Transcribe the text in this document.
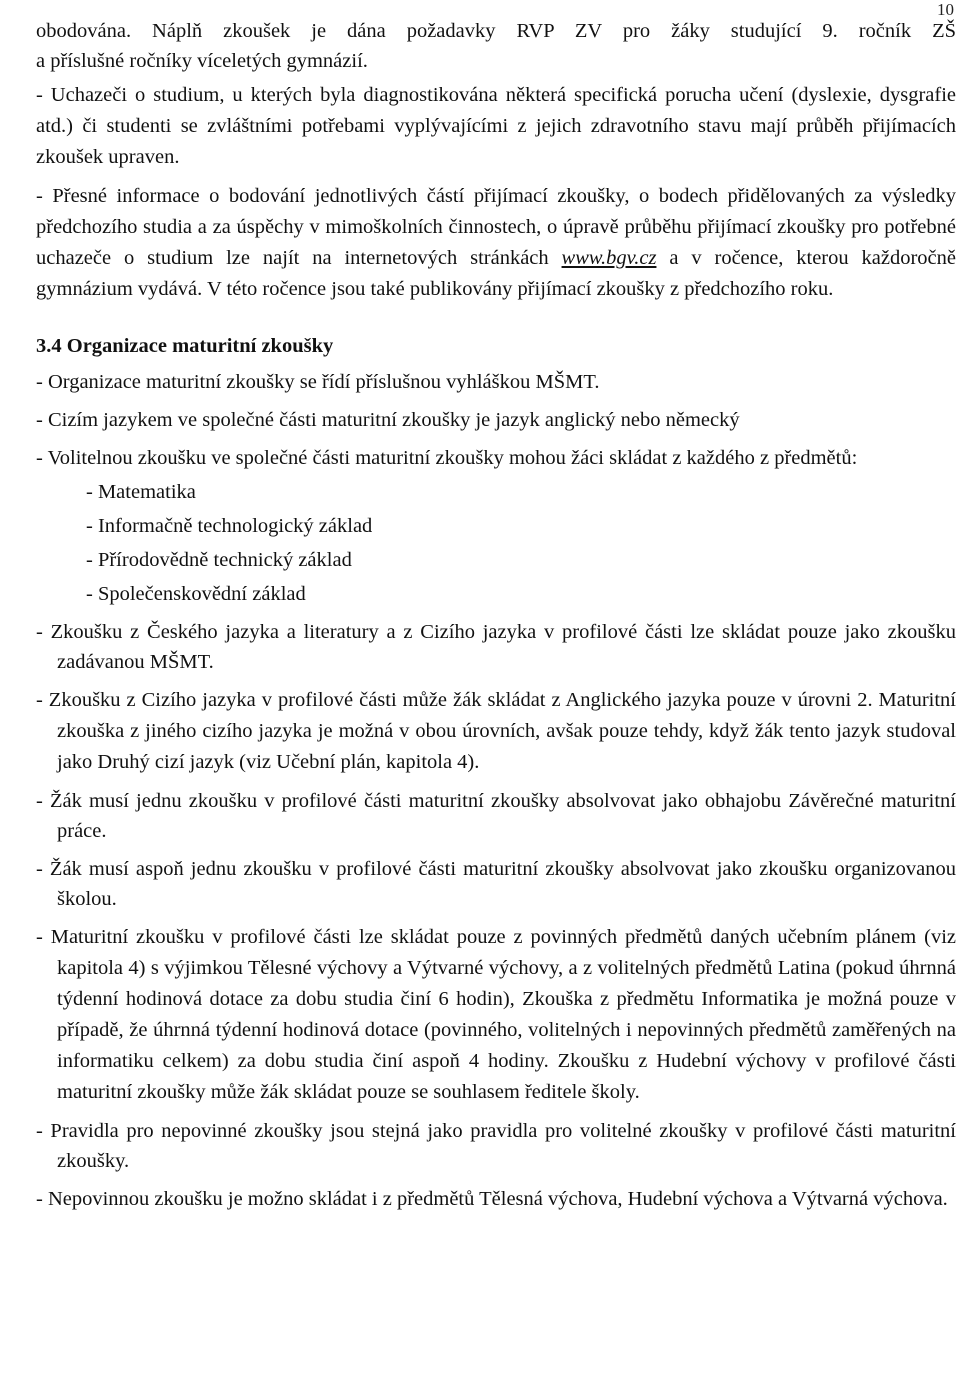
10
obodována. Náplň zkoušek je dána požadavky RVP ZV pro žáky studující 9. ročník ZŠ
a příslušné ročníky víceletých gymnázií.

- Uchazeči o studium, u kterých byla diagnostikována některá specifická porucha učení (dyslexie, dysgrafie atd.) či studenti se zvláštními potřebami vyplývajícími z jejich zdravotního stavu mají průběh přijímacích zkoušek upraven.

- Přesné informace o bodování jednotlivých částí přijímací zkoušky, o bodech přidělovaných za výsledky předchozího studia a za úspěchy v mimoškolních činnostech, o úpravě průběhu přijímací zkoušky pro potřebné uchazeče o studium lze najít na internetových stránkách www.bgv.cz a v ročence, kterou každoročně gymnázium vydává. V této ročence jsou také publikovány přijímací zkoušky z předchozího roku.

3.4 Organizace maturitní zkoušky

- Organizace maturitní zkoušky se řídí příslušnou vyhláškou MŠMT.

- Cizím jazykem ve společné části maturitní zkoušky je jazyk anglický nebo německý

- Volitelnou zkoušku ve společné části maturitní zkoušky mohou žáci skládat z každého z předmětů:

- Matematika
- Informačně technologický základ
- Přírodovědně technický základ
- Společenskovědní základ

- Zkoušku z Českého jazyka a literatury a z Cizího jazyka v profilové části lze skládat pouze jako zkoušku zadávanou MŠMT.

- Zkoušku z Cizího jazyka v profilové části může žák skládat z Anglického jazyka pouze v úrovni 2. Maturitní zkouška z jiného cizího jazyka je možná v obou úrovních, avšak pouze tehdy, když žák tento jazyk studoval jako Druhý cizí jazyk (viz Učební plán, kapitola 4).

- Žák musí jednu zkoušku v profilové části maturitní zkoušky absolvovat jako obhajobu Závěrečné maturitní práce.

- Žák musí aspoň jednu zkoušku v profilové části maturitní zkoušky absolvovat jako zkoušku organizovanou školou.

- Maturitní zkoušku v profilové části lze skládat pouze z povinných předmětů daných učebním plánem (viz kapitola 4) s výjimkou Tělesné výchovy a Výtvarné výchovy, a z volitelných předmětů Latina (pokud úhrnná týdenní hodinová dotace za dobu studia činí 6 hodin), Zkouška z předmětu Informatika je možná pouze v případě, že úhrnná týdenní hodinová dotace (povinného, volitelných i nepovinných předmětů zaměřených na informatiku celkem) za dobu studia činí aspoň 4 hodiny. Zkoušku z Hudební výchovy v profilové části maturitní zkoušky může žák skládat pouze se souhlasem ředitele školy.

- Pravidla pro nepovinné zkoušky jsou stejná jako pravidla pro volitelné zkoušky v profilové části maturitní zkoušky.

- Nepovinnou zkoušku je možno skládat i z předmětů Tělesná výchova, Hudební výchova a Výtvarná výchova.
